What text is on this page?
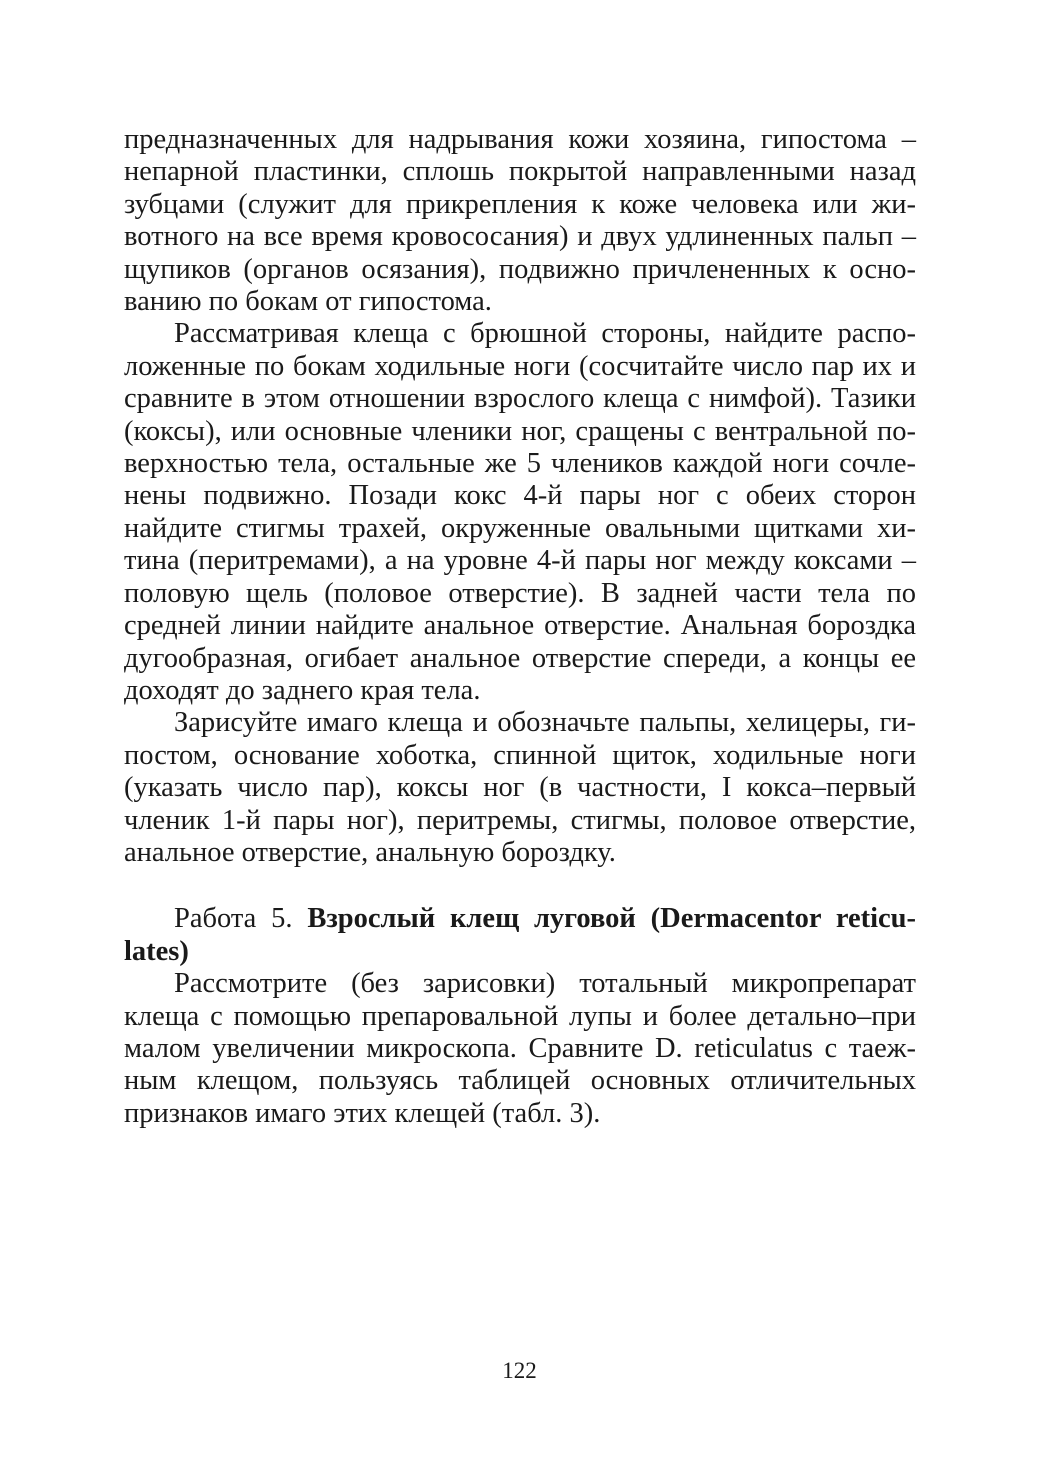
предназначенных для надрывания кожи хозяина, гипостома –
непарной пластинки, сплошь покрытой направленными назад
зубцами (служит для прикрепления к коже человека или жи-
вотного на все время кровососания) и двух удлиненных пальп –
щупиков (органов осязания), подвижно причлененных к осно-
ванию по бокам от гипостома.
Рассматривая клеща с брюшной стороны, найдите распо-
ложенные по бокам ходильные ноги (сосчитайте число пар их и
сравните в этом отношении взрослого клеща с нимфой). Тазики
(коксы), или основные членики ног, сращены с вентральной по-
верхностью тела, остальные же 5 члеников каждой ноги сочле-
нены подвижно. Позади кокс 4-й пары ног с обеих сторон
найдите стигмы трахей, окруженные овальными щитками хи-
тина (перитремами), а на уровне 4-й пары ног между коксами –
половую щель (половое отверстие). В задней части тела по
средней линии найдите анальное отверстие. Анальная бороздка
дугообразная, огибает анальное отверстие спереди, а концы ее
доходят до заднего края тела.
Зарисуйте имаго клеща и обозначьте пальпы, хелицеры, ги-
постом, основание хоботка, спинной щиток, ходильные ноги
(указать число пар), коксы ног (в частности, I кокса–первый
членик 1-й пары ног), перитремы, стигмы, половое отверстие,
анальное отверстие, анальную бороздку.
Работа 5. Взрослый клещ луговой (Dermacentor reticu-
lates)
Рассмотрите (без зарисовки) тотальный микропрепарат
клеща с помощью препаровальной лупы и более детально–при
малом увеличении микроскопа. Сравните D. reticulatus с таеж-
ным клещом, пользуясь таблицей основных отличительных
признаков имаго этих клещей (табл. 3).
122
